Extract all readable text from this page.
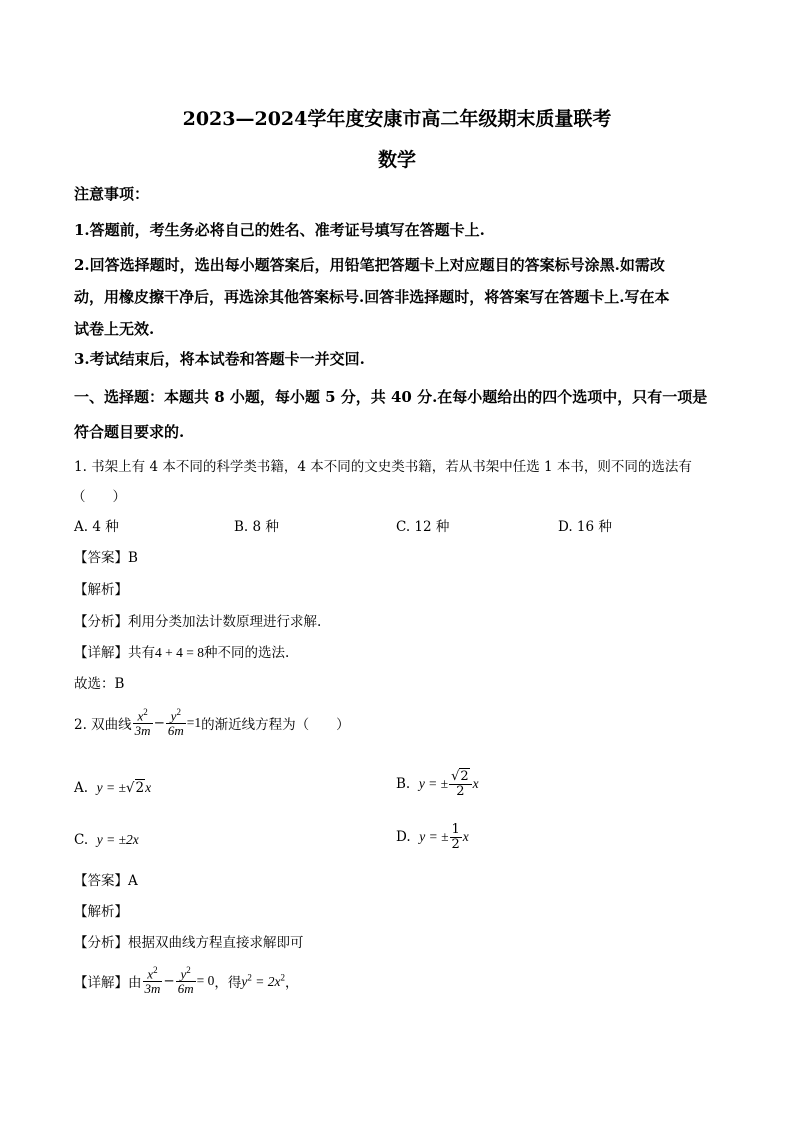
2023—2024学年度安康市高二年级期末质量联考
数学
注意事项：
1.答题前，考生务必将自己的姓名、准考证号填写在答题卡上.
2.回答选择题时，选出每小题答案后，用铅笔把答题卡上对应题目的答案标号涂黑.如需改
动，用橡皮擦干净后，再选涂其他答案标号.回答非选择题时，将答案写在答题卡上.写在本
试卷上无效.
3.考试结束后，将本试卷和答题卡一并交回.
一、选择题：本题共 8 小题，每小题 5 分，共 40 分.在每小题给出的四个选项中，只有一项是
符合题目要求的.
1. 书架上有 4 本不同的科学类书籍，4 本不同的文史类书籍，若从书架中任选 1 本书，则不同的选法有
（　　）
A. 4 种	B. 8 种	C. 12 种	D. 16 种
【答案】B
【解析】
【分析】利用分类加法计数原理进行求解.
【详解】共有4 + 4 = 8种不同的选法.
故选：B
2. 双曲线 $\frac{x^2}{3m} - \frac{y^2}{6m} =1$的渐近线方程为（　　）
A. y = ±√2x	B. y = ± $\frac{√2}{2}$ x
C. y = ±2x	D. y = ± $\frac{1}{2}$ x
【答案】A
【解析】
【分析】根据双曲线方程直接求解即可
【详解】由 $\frac{x^2}{3m} - \frac{y^2}{6m} = 0$，得$y^2 = 2x^2$，
